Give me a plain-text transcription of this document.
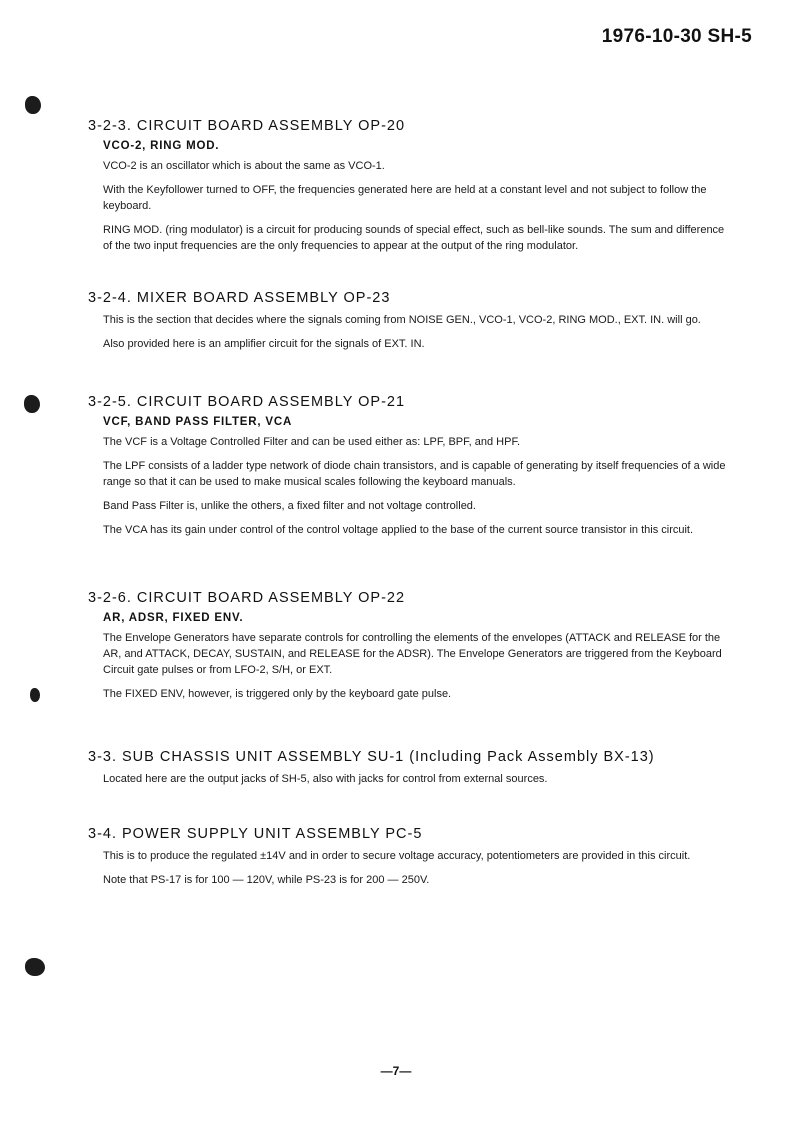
1976-10-30 SH-5
3-2-3. CIRCUIT BOARD ASSEMBLY OP-20
VCO-2, RING MOD.

VCO-2 is an oscillator which is about the same as VCO-1.

With the Keyfollower turned to OFF, the frequencies generated here are held at a constant level and not subject to follow the keyboard.

RING MOD. (ring modulator) is a circuit for producing sounds of special effect, such as bell-like sounds. The sum and difference of the two input frequencies are the only frequencies to appear at the output of the ring modulator.

3-2-4. MIXER BOARD ASSEMBLY OP-23

This is the section that decides where the signals coming from NOISE GEN., VCO-1, VCO-2, RING MOD., EXT. IN. will go.

Also provided here is an amplifier circuit for the signals of EXT. IN.

3-2-5. CIRCUIT BOARD ASSEMBLY OP-21
VCF, BAND PASS FILTER, VCA

The VCF is a Voltage Controlled Filter and can be used either as: LPF, BPF, and HPF.

The LPF consists of a ladder type network of diode chain transistors, and is capable of generating by itself frequencies of a wide range so that it can be used to make musical scales following the keyboard manuals.

Band Pass Filter is, unlike the others, a fixed filter and not voltage controlled.

The VCA has its gain under control of the control voltage applied to the base of the current source transistor in this circuit.

3-2-6. CIRCUIT BOARD ASSEMBLY OP-22
AR, ADSR, FIXED ENV.

The Envelope Generators have separate controls for controlling the elements of the envelopes (ATTACK and RELEASE for the AR, and ATTACK, DECAY, SUSTAIN, and RELEASE for the ADSR). The Envelope Generators are triggered from the Keyboard Circuit gate pulses or from LFO-2, S/H, or EXT.

The FIXED ENV, however, is triggered only by the keyboard gate pulse.

3-3. SUB CHASSIS UNIT ASSEMBLY SU-1 (Including Pack Assembly BX-13)

Located here are the output jacks of SH-5, also with jacks for control from external sources.

3-4. POWER SUPPLY UNIT ASSEMBLY PC-5

This is to produce the regulated ±14V and in order to secure voltage accuracy, potentiometers are provided in this circuit.

Note that PS-17 is for 100 — 120V, while PS-23 is for 200 — 250V.

—7—
